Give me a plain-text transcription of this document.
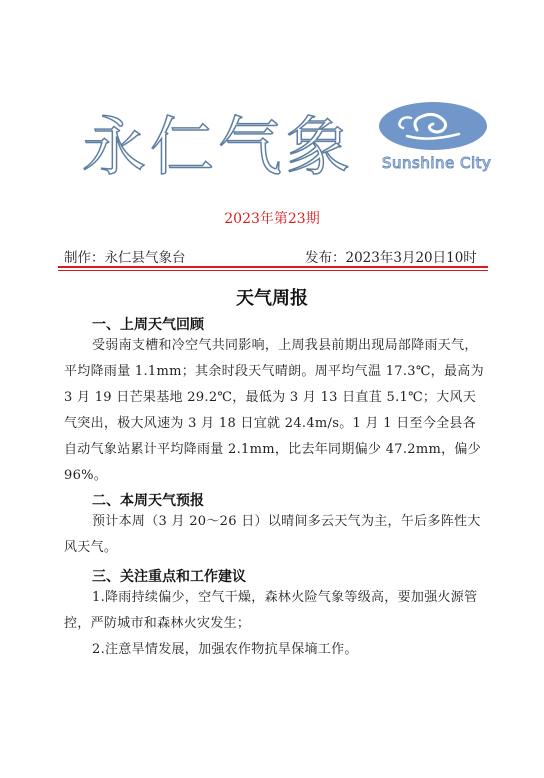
永仁气象 Sunshine City
2023年第23期
制作：永仁县气象台	发布：2023年3月20日10时
天气周报
一、上周天气回顾
受弱南支槽和冷空气共同影响，上周我县前期出现局部降雨天气，平均降雨量 1.1mm；其余时段天气晴朗。周平均气温 17.3℃，最高为 3 月 19 日芒果基地 29.2℃，最低为 3 月 13 日直苴 5.1℃；大风天气突出，极大风速为 3 月 18 日宜就 24.4m/s。1 月 1 日至今全县各自动气象站累计平均降雨量 2.1mm，比去年同期偏少 47.2mm，偏少 96%。
二、本周天气预报
预计本周（3 月 20～26 日）以晴间多云天气为主，午后多阵性大风天气。
三、关注重点和工作建议
1.降雨持续偏少，空气干燥，森林火险气象等级高，要加强火源管控，严防城市和森林火灾发生；
2.注意旱情发展，加强农作物抗旱保墒工作。
